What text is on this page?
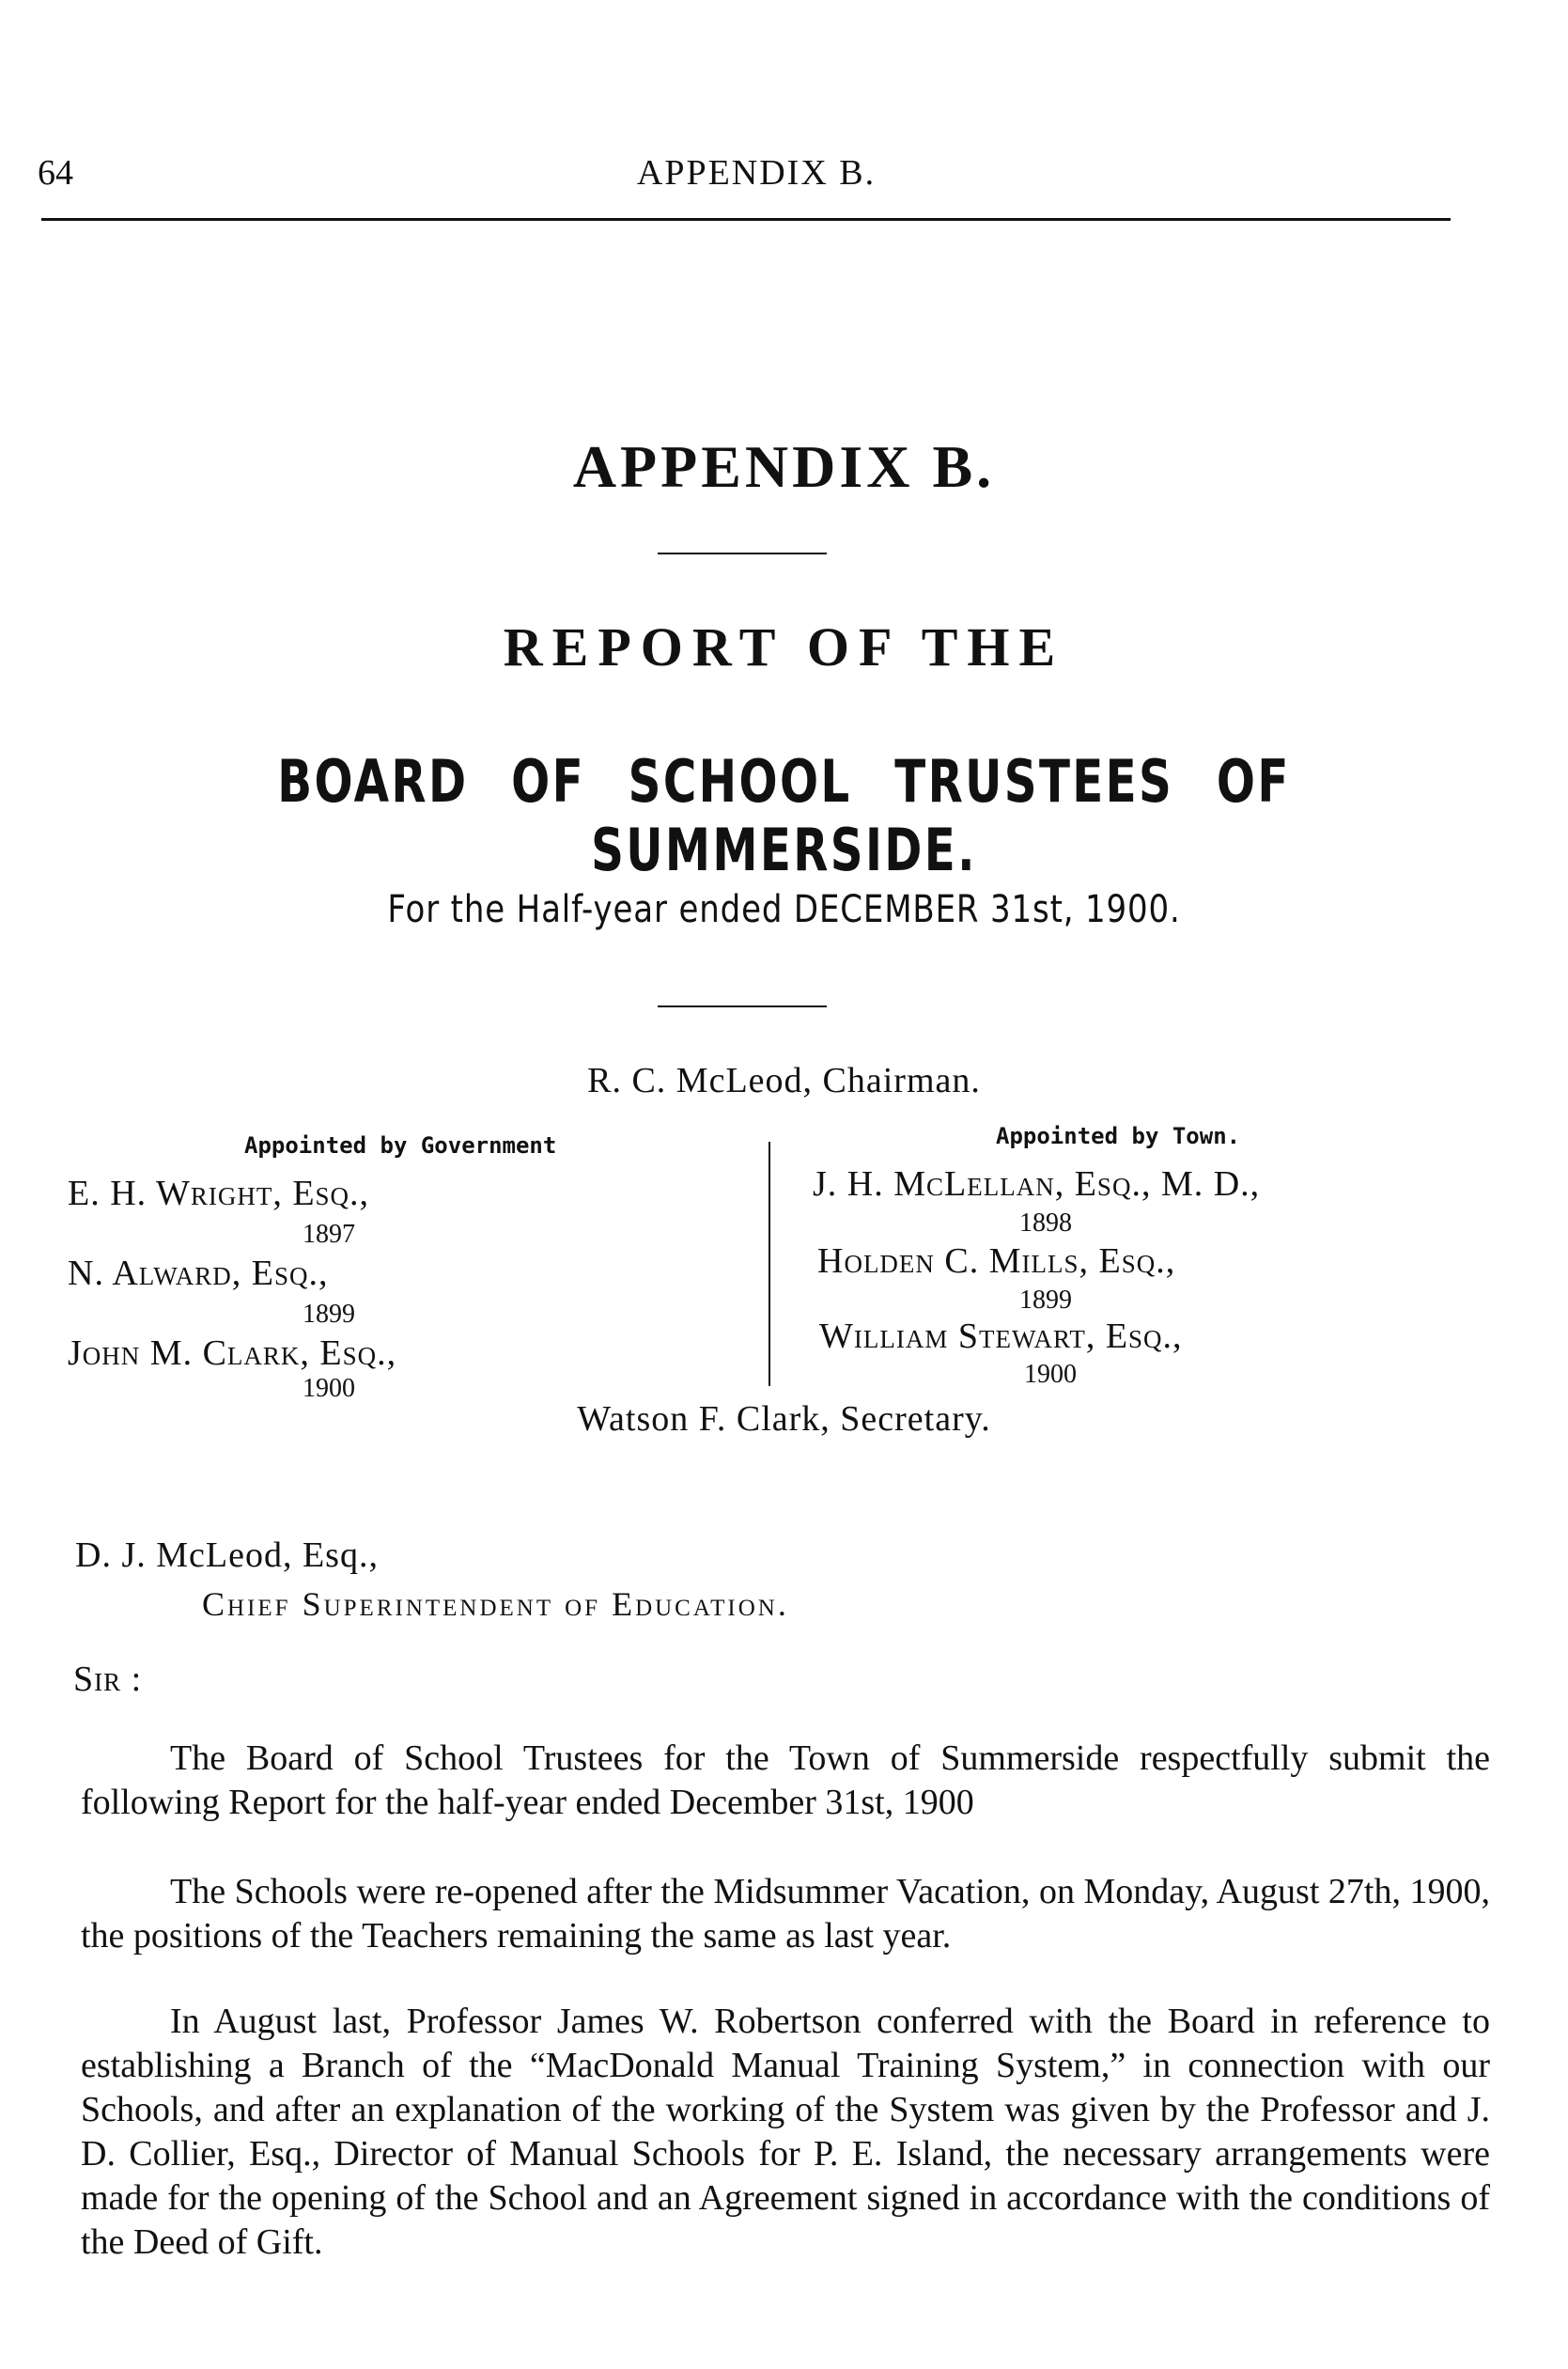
64	APPENDIX B.
APPENDIX B.
REPORT OF THE
BOARD OF SCHOOL TRUSTEES OF SUMMERSIDE.

For the Half-year ended DECEMBER 31st, 1900.

R. C. McLeod, Chairman.

Appointed by Government
E. H. Wright, Esq.,
1897
N. Alward, Esq.,
1899
John M. Clark, Esq.,
1900
Appointed by Town.
J. H. McLellan, Esq., M. D.,
1898
Holden C. Mills, Esq.,
1899
William Stewart, Esq.,
1900

Watson F. Clark, Secretary.

D. J. McLeod, Esq.,
Chief Superintendent of Education.
Sir :

The Board of School Trustees for the Town of Summerside respectfully submit the following Report for the half-year ended December 31st, 1900

The Schools were re-opened after the Midsummer Vacation, on Monday, August 27th, 1900, the positions of the Teachers remaining the same as last year.

In August last, Professor James W. Robertson conferred with the Board in reference to establishing a Branch of the “MacDonald Manual Training System,” in connection with our Schools, and after an explanation of the working of the System was given by the Professor and J. D. Collier, Esq., Director of Manual Schools for P. E. Island, the necessary arrangements were made for the opening of the School and an Agreement signed in accordance with the conditions of the Deed of Gift.
